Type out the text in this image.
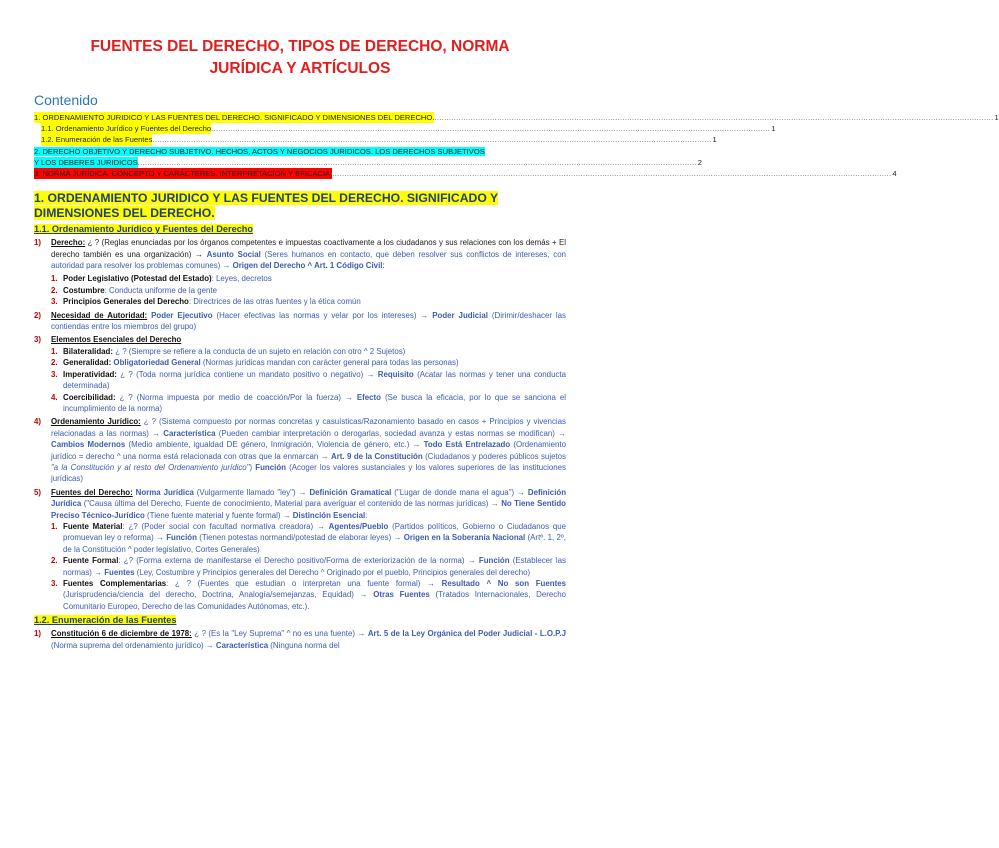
FUENTES DEL DERECHO, TIPOS DE DERECHO, NORMA JURÍDICA Y ARTÍCULOS
Contenido
1. ORDENAMIENTO JURIDICO Y LAS FUENTES DEL DERECHO. SIGNIFICADO Y DIMENSIONES DEL DERECHO. .....	1
1.1. Ordenamiento Jurídico y Fuentes del Derecho .....	1
1.2. Enumeración de las Fuentes .....	1
2. DERECHO OBJETIVO Y DERECHO SUBJETIVO. HECHOS, ACTOS Y NEGOCIOS JURIDICOS. LOS DERECHOS SUBJETIVOS
Y LOS DEBERES JURIDICOS .....	2
3. NORMA JURÍDICA. CONCEPTO Y CARÁCTERES. INTERPRETACION Y EFICACIA. .....	4
1. ORDENAMIENTO JURIDICO Y LAS FUENTES DEL DERECHO. SIGNIFICADO Y DIMENSIONES DEL DERECHO.
1.1. Ordenamiento Jurídico y Fuentes del Derecho
1)	Derecho: ¿ ? (Reglas enunciadas por los órganos competentes e impuestas coactivamente a los ciudadanos y sus relaciones con los demás + El derecho también es una organización) → Asunto Social (Seres humanos en contacto, que deben resolver sus conflictos de intereses, con autoridad para resolver los problemas comunes) → Origen del Derecho ^ Art. 1 Código Civil:
1. Poder Legislativo (Potestad del Estado): Leyes, decretos
2. Costumbre: Conducta uniforme de la gente
3. Principios Generales del Derecho: Directrices de las otras fuentes y la ética común
2)	Necesidad de Autoridad: Poder Ejecutivo (Hacer efectivas las normas y velar por los intereses) → Poder Judicial (Dirimir/deshacer las contiendas entre los miembros del grupo)
3)	Elementos Esenciales del Derecho
1. Bilateralidad: ¿ ? (Siempre se refiere a la conducta de un sujeto en relación con otro ^ 2 Sujetos)
2. Generalidad: Obligatoriedad General (Normas jurídicas mandan con carácter general para todas las personas)
3. Imperatividad: ¿ ? (Toda norma jurídica contiene un mandato positivo o negativo) → Requisito (Acatar las normas y tener una conducta determinada)
4. Coercibilidad: ¿ ? (Norma impuesta por medio de coacción/Por la fuerza) → Efecto (Se busca la eficacia, por lo que se sanciona el incumplimiento de la norma)
4)	Ordenamiento Jurídico: ¿ ? (Sistema compuesto por normas concretas y casuísticas/Razonamiento basado en casos + Principios y vivencias relacionadas a las normas) → Característica (Pueden cambiar interpretación o derogarlas, sociedad avanza y estas normas se modifican) → Cambios Modernos (Medio ambiente, igualdad DE género, Inmigración, Violencia de género, etc.) → Todo Está Entrelazado (Ordenamiento jurídico = derecho ^ una norma está relacionada con otras que la enmarcan → Art. 9 de la Constitución (Ciudadanos y poderes públicos sujetos "a la Constitución y al resto del Ordenamiento jurídico") Función (Acoger los valores sustanciales y los valores superiores de las instituciones jurídicas)
5)	Fuentes del Derecho: Norma Jurídica (Vulgarmente llamado "ley") → Definición Gramatical ("Lugar de donde mana el agua") → Definición Jurídica ("Causa última del Derecho, Fuente de conocimiento, Material para averiguar el contenido de las normas jurídicas) → No Tiene Sentido Preciso Técnico-Jurídico (Tiene fuente material y fuente formal) → Distinción Esencial:
1. Fuente Material: ¿? (Poder social con facultad normativa creadora) → Agentes/Pueblo (Partidos políticos, Gobierno o Ciudadanos que promuevan ley o reforma) → Función (Tienen potestas normandi/potestad de elaborar leyes) → Origen en la Soberanía Nacional (Artº. 1, 2º, de la Constitución ^ poder legislativo, Cortes Generales)
2. Fuente Formal: ¿? (Forma externa de manifestarse el Derecho positivo/Forma de exteriorización de la norma) → Función (Establecer las normas) → Fuentes (Ley, Costumbre y Principios generales del Derecho ^ Originado por el pueblo, Principios generales del derecho)
3. Fuentes Complementarias: ¿ ? (Fuentes que estudian o interpretan una fuente formal) → Resultado ^ No son Fuentes (Jurisprudencia/ciencia del derecho, Doctrina, Analogía/semejanzas, Equidad) → Otras Fuentes (Tratados Internacionales, Derecho Comunitario Europeo, Derecho de las Comunidades Autónomas, etc.).
1.2. Enumeración de las Fuentes
1)	Constitución 6 de diciembre de 1978: ¿ ? (Es la "Ley Suprema" ^ no es una fuente) → Art. 5 de la Ley Orgánica del Poder Judicial - L.O.P.J (Norma suprema del ordenamiento jurídico) → Característica (Ninguna norma del
